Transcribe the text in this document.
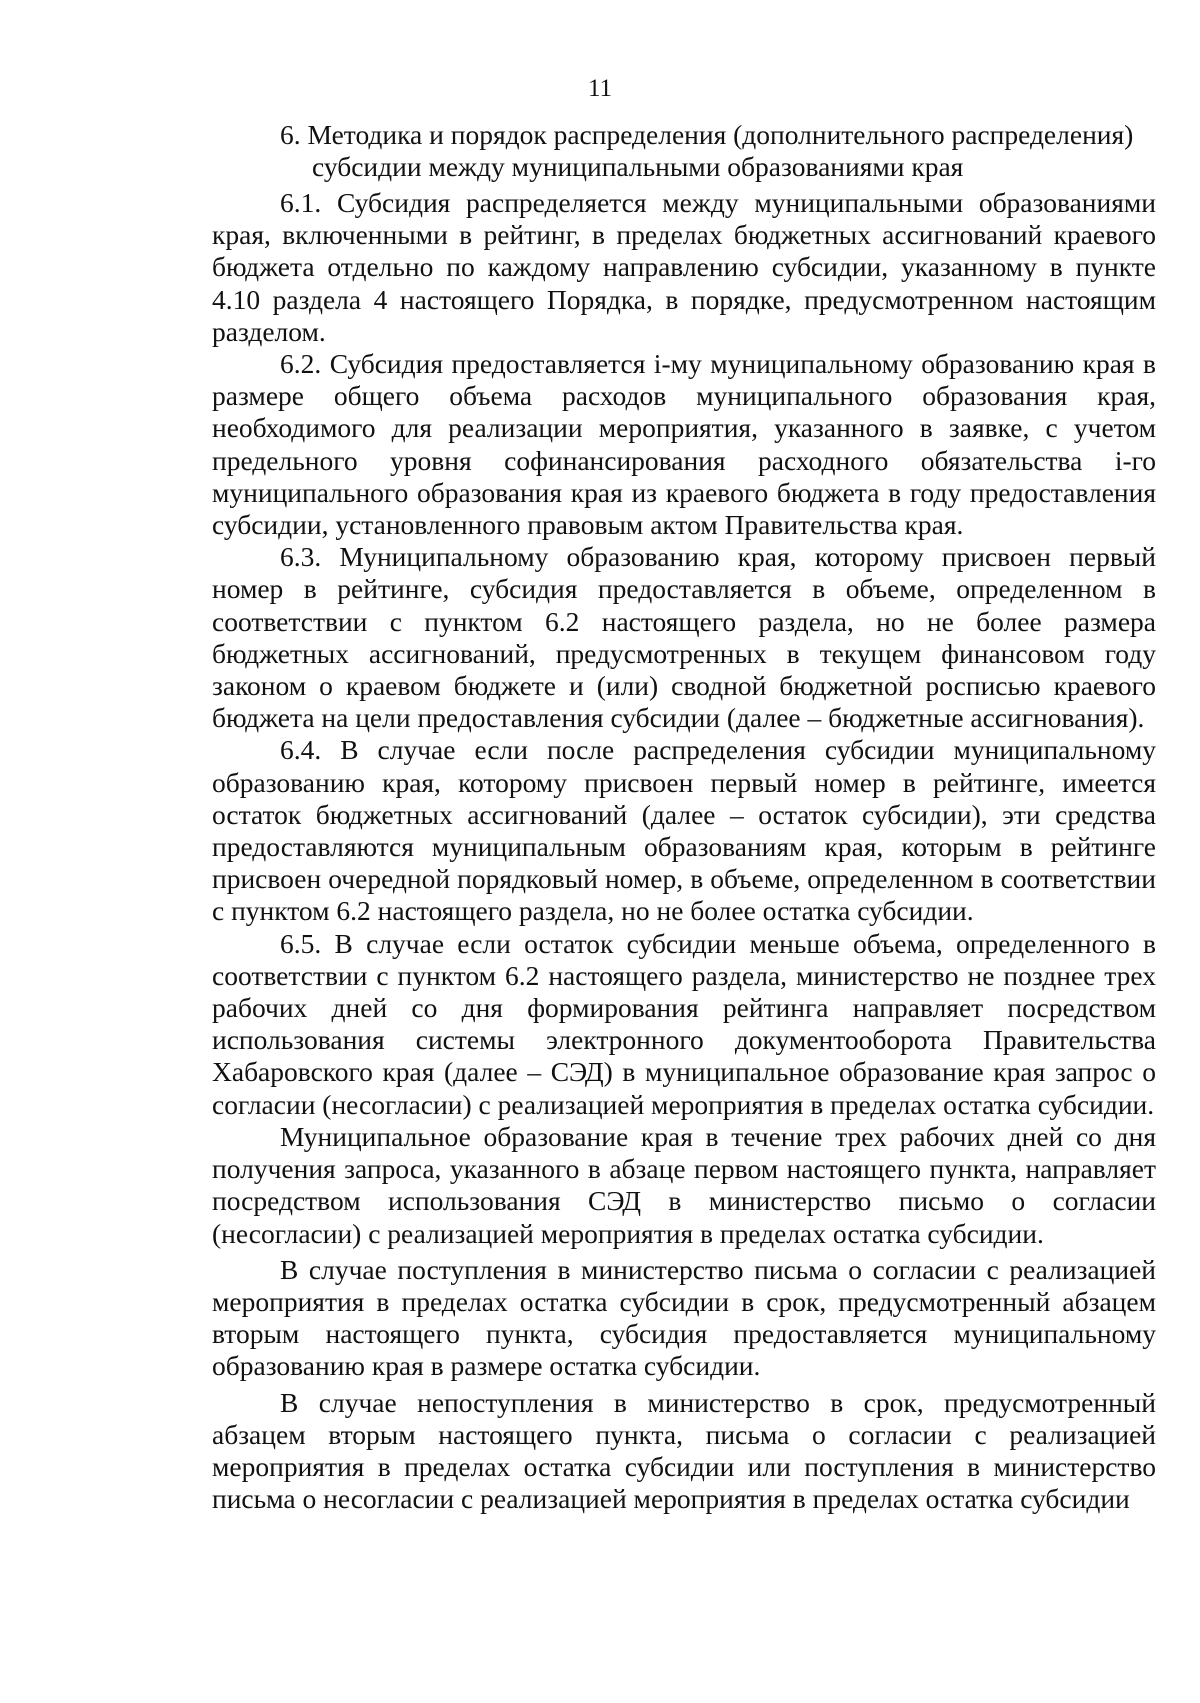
11
6. Методика и порядок распределения (дополнительного распределения)
субсидии между муниципальными образованиями края

6.1. Субсидия распределяется между муниципальными образованиями края, включенными в рейтинг, в пределах бюджетных ассигнований краевого бюджета отдельно по каждому направлению субсидии, указанному в пункте 4.10 раздела 4 настоящего Порядка, в порядке, предусмотренном настоящим разделом.

6.2. Субсидия предоставляется i-му муниципальному образованию края в размере общего объема расходов муниципального образования края, необходимого для реализации мероприятия, указанного в заявке, с учетом предельного уровня софинансирования расходного обязательства i-го муниципального образования края из краевого бюджета в году предоставления субсидии, установленного правовым актом Правительства края.

6.3. Муниципальному образованию края, которому присвоен первый номер в рейтинге, субсидия предоставляется в объеме, определенном в соответствии с пунктом 6.2 настоящего раздела, но не более размера бюджетных ассигнований, предусмотренных в текущем финансовом году законом о краевом бюджете и (или) сводной бюджетной росписью краевого бюджета на цели предоставления субсидии (далее – бюджетные ассигнования).

6.4. В случае если после распределения субсидии муниципальному образованию края, которому присвоен первый номер в рейтинге, имеется остаток бюджетных ассигнований (далее – остаток субсидии), эти средства предоставляются муниципальным образованиям края, которым в рейтинге присвоен очередной порядковый номер, в объеме, определенном в соответствии с пунктом 6.2 настоящего раздела, но не более остатка субсидии.

6.5. В случае если остаток субсидии меньше объема, определенного в соответствии с пунктом 6.2 настоящего раздела, министерство не позднее трех рабочих дней со дня формирования рейтинга направляет посредством использования системы электронного документооборота Правительства Хабаровского края (далее – СЭД) в муниципальное образование края запрос о согласии (несогласии) с реализацией мероприятия в пределах остатка субсидии.

Муниципальное образование края в течение трех рабочих дней со дня получения запроса, указанного в абзаце первом настоящего пункта, направляет посредством использования СЭД в министерство письмо о согласии (несогласии) с реализацией мероприятия в пределах остатка субсидии.

В случае поступления в министерство письма о согласии с реализацией мероприятия в пределах остатка субсидии в срок, предусмотренный абзацем вторым настоящего пункта, субсидия предоставляется муниципальному образованию края в размере остатка субсидии.

В случае непоступления в министерство в срок, предусмотренный абзацем вторым настоящего пункта, письма о согласии с реализацией мероприятия в пределах остатка субсидии или поступления в министерство письма о несогласии с реализацией мероприятия в пределах остатка субсидии
